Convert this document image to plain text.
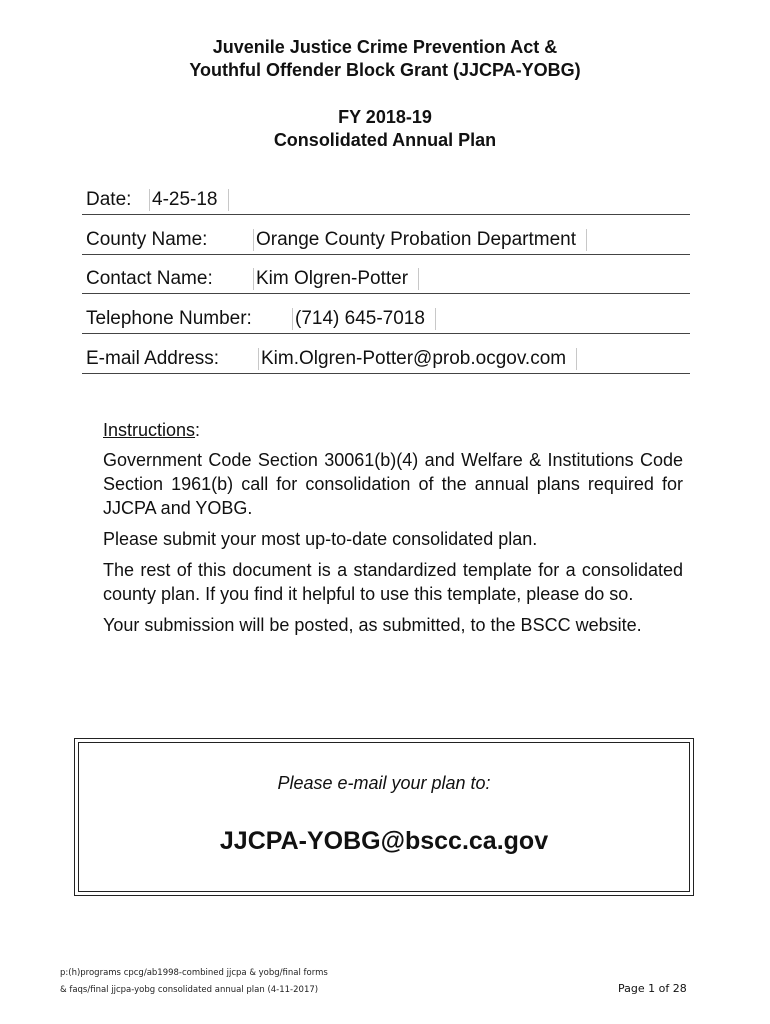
Juvenile Justice Crime Prevention Act &
Youthful Offender Block Grant (JJCPA-YOBG)
FY 2018-19
Consolidated Annual Plan
Date: 4-25-18
County Name:	Orange County Probation Department
Contact Name: Kim Olgren-Potter
Telephone Number: (714) 645-7018
E-mail Address: Kim.Olgren-Potter@prob.ocgov.com

Instructions:

Government Code Section 30061(b)(4) and Welfare & Institutions Code Section 1961(b) call for consolidation of the annual plans required for JJCPA and YOBG.

Please submit your most up-to-date consolidated plan.

The rest of this document is a standardized template for a consolidated county plan. If you find it helpful to use this template, please do so.

Your submission will be posted, as submitted, to the BSCC website.

Please e-mail your plan to:
JJCPA-YOBG@bscc.ca.gov
p:(h)programs cpcg/ab1998-combined jjcpa & yobg/final forms
& faqs/final jjcpa-yobg consolidated annual plan (4-11-2017)	Page 1 of 28
